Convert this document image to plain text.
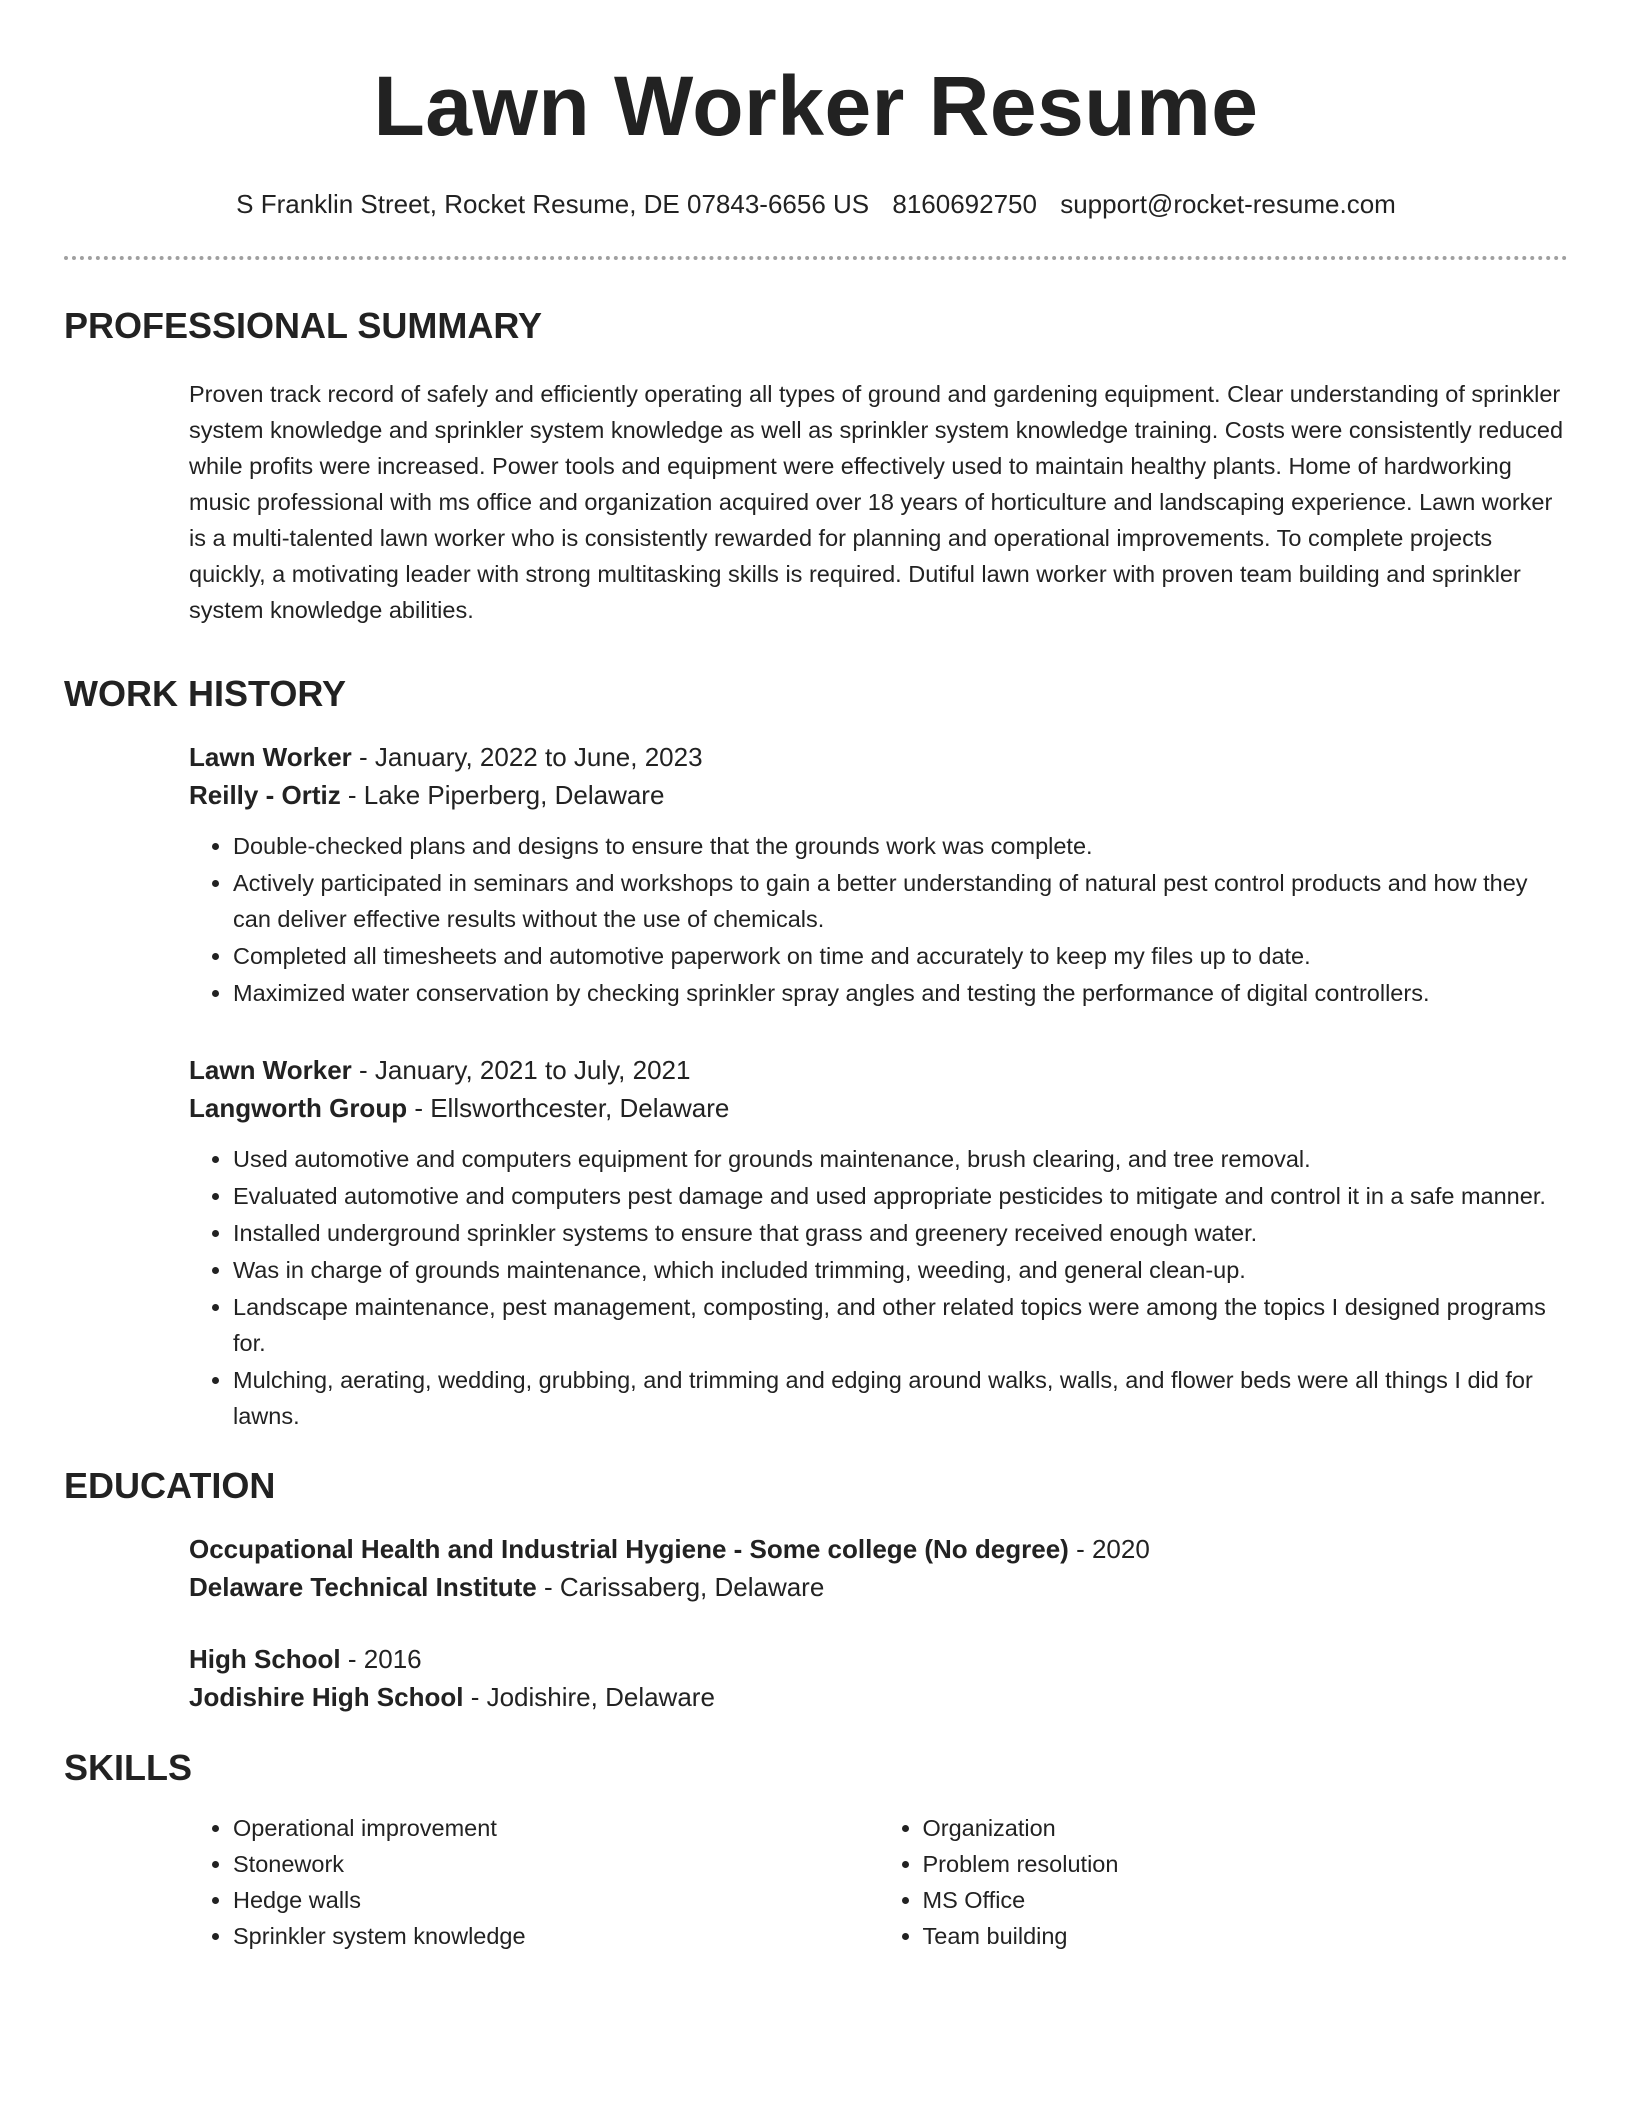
Lawn Worker Resume
S Franklin Street, Rocket Resume, DE 07843-6656 US 8160692750 support@rocket-resume.com
PROFESSIONAL SUMMARY

Proven track record of safely and efficiently operating all types of ground and gardening equipment. Clear understanding of sprinkler system knowledge and sprinkler system knowledge as well as sprinkler system knowledge training. Costs were consistently reduced while profits were increased. Power tools and equipment were effectively used to maintain healthy plants. Home of hardworking music professional with ms office and organization acquired over 18 years of horticulture and landscaping experience. Lawn worker is a multi-talented lawn worker who is consistently rewarded for planning and operational improvements. To complete projects quickly, a motivating leader with strong multitasking skills is required. Dutiful lawn worker with proven team building and sprinkler system knowledge abilities.

WORK HISTORY
Lawn Worker - January, 2022 to June, 2023
Reilly - Ortiz - Lake Piperberg, Delaware
• Double-checked plans and designs to ensure that the grounds work was complete.
• Actively participated in seminars and workshops to gain a better understanding of natural pest control products and how they can deliver effective results without the use of chemicals.
• Completed all timesheets and automotive paperwork on time and accurately to keep my files up to date.
• Maximized water conservation by checking sprinkler spray angles and testing the performance of digital controllers.
Lawn Worker - January, 2021 to July, 2021
Langworth Group - Ellsworthcester, Delaware
• Used automotive and computers equipment for grounds maintenance, brush clearing, and tree removal.
• Evaluated automotive and computers pest damage and used appropriate pesticides to mitigate and control it in a safe manner.
• Installed underground sprinkler systems to ensure that grass and greenery received enough water.
• Was in charge of grounds maintenance, which included trimming, weeding, and general clean-up.
• Landscape maintenance, pest management, composting, and other related topics were among the topics I designed programs for.
• Mulching, aerating, wedding, grubbing, and trimming and edging around walks, walls, and flower beds were all things I did for lawns.
EDUCATION
Occupational Health and Industrial Hygiene - Some college (No degree) - 2020
Delaware Technical Institute - Carissaberg, Delaware
High School - 2016
Jodishire High School - Jodishire, Delaware
SKILLS
• Operational improvement
• Stonework
• Hedge walls
• Sprinkler system knowledge
• Organization
• Problem resolution
• MS Office
• Team building
